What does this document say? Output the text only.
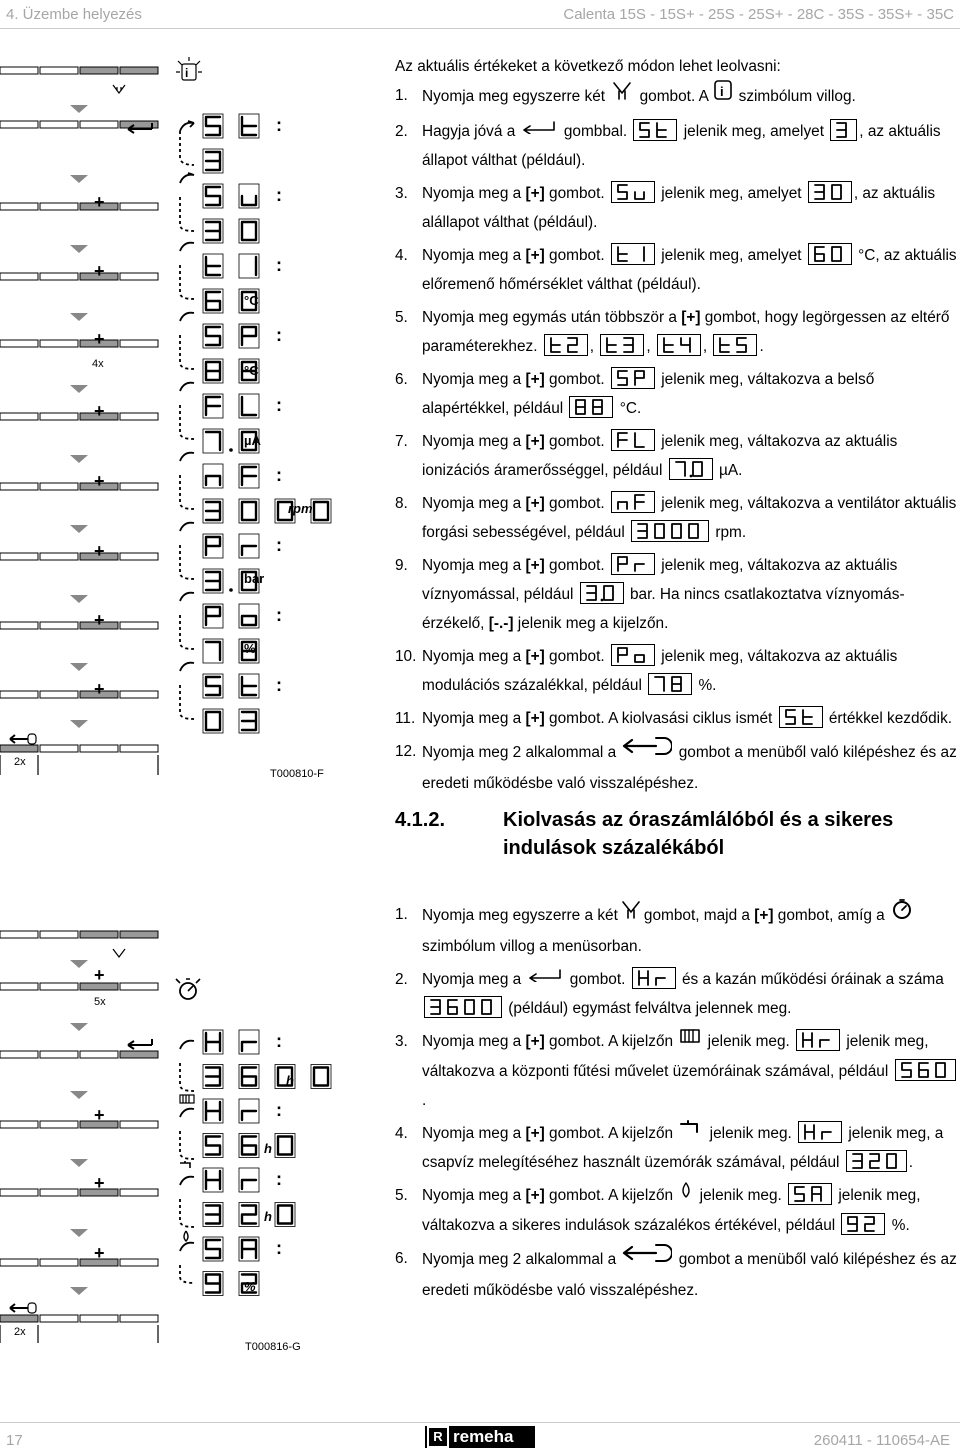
4. Üzembe helyezés	Calenta 15S - 15S+ - 25S - 25S+ - 28C - 35S - 35S+ - 35C
+
+
+
+
+
+
+
+
4x
2x
T000810-F
i
:
:
:
:
:
:
:
:
:
°C
°C
µA
rpm
bar
%
Az aktuális értékeket a következő módon lehet leolvasni:
1. Nyomja meg egyszerre két gombot. A i szimbólum villog.
2. Hagyja jóvá a	gombbal.	jelenik meg, amelyet , az aktuális állapot válthat (például).
3. Nyomja meg a [+] gombot.	jelenik meg, amelyet	, az aktuális alállapot válthat (például).
4. Nyomja meg a [+] gombot.	jelenik meg, amelyet	°C, az aktuális előremenő hőmérséklet válthat (például).
5. Nyomja meg egymás után többször a [+] gombot, hogy legörgessen az eltérő paraméterekhez.	,	,	,	.
6. Nyomja meg a [+] gombot.	jelenik meg, váltakozva a belső alapértékkel, például	°C.
7. Nyomja meg a [+] gombot.	jelenik meg, váltakozva az aktuális ionizációs áramerősséggel, például	µA.
8. Nyomja meg a [+] gombot.	jelenik meg, váltakozva a ventilátor aktuális forgási sebességével, például	rpm.
9. Nyomja meg a [+] gombot.	jelenik meg, váltakozva az aktuális víznyomással, például	bar. Ha nincs csatlakoztatva víznyomás-érzékelő, [-.-] jelenik meg a kijelzőn.
10. Nyomja meg a [+] gombot.	jelenik meg, váltakozva az aktuális modulációs százalékkal, például	%.
11. Nyomja meg a [+] gombot. A kiolvasási ciklus ismét	értékkel kezdődik.
12. Nyomja meg 2 alkalommal a	gombot a menüből való kilépéshez és az eredeti működésbe való visszalépéshez.
4.1.2.	Kiolvasás az óraszámlálóból és a sikeres indulások százalékából
+
+
+
+
5x
2x
T000816-G
:
:
:
:
h
h
h
%
1. Nyomja meg egyszerre a két gombot, majd a [+] gombot, amíg a szimbólum villog a menüsorban.
2. Nyomja meg a	gombot.	és a kazán működési óráinak a száma
(például) egymást felváltva jelennek meg.
3. Nyomja meg a [+] gombot. A kijelzőn jelenik meg.	jelenik meg, váltakozva a központi fűtési művelet üzemóráinak számával, például
.
4. Nyomja meg a [+] gombot. A kijelzőn jelenik meg.	jelenik meg, a csapvíz melegítéséhez használt üzemórák számával, például	.
5. Nyomja meg a [+] gombot. A kijelzőn jelenik meg.	jelenik meg, váltakozva a sikeres indulások százalékos értékével, például	%.
6. Nyomja meg 2 alkalommal a	gombot a menüből való kilépéshez és az eredeti működésbe való visszalépéshez.
17	R remeha	260411 - 110654-AE
